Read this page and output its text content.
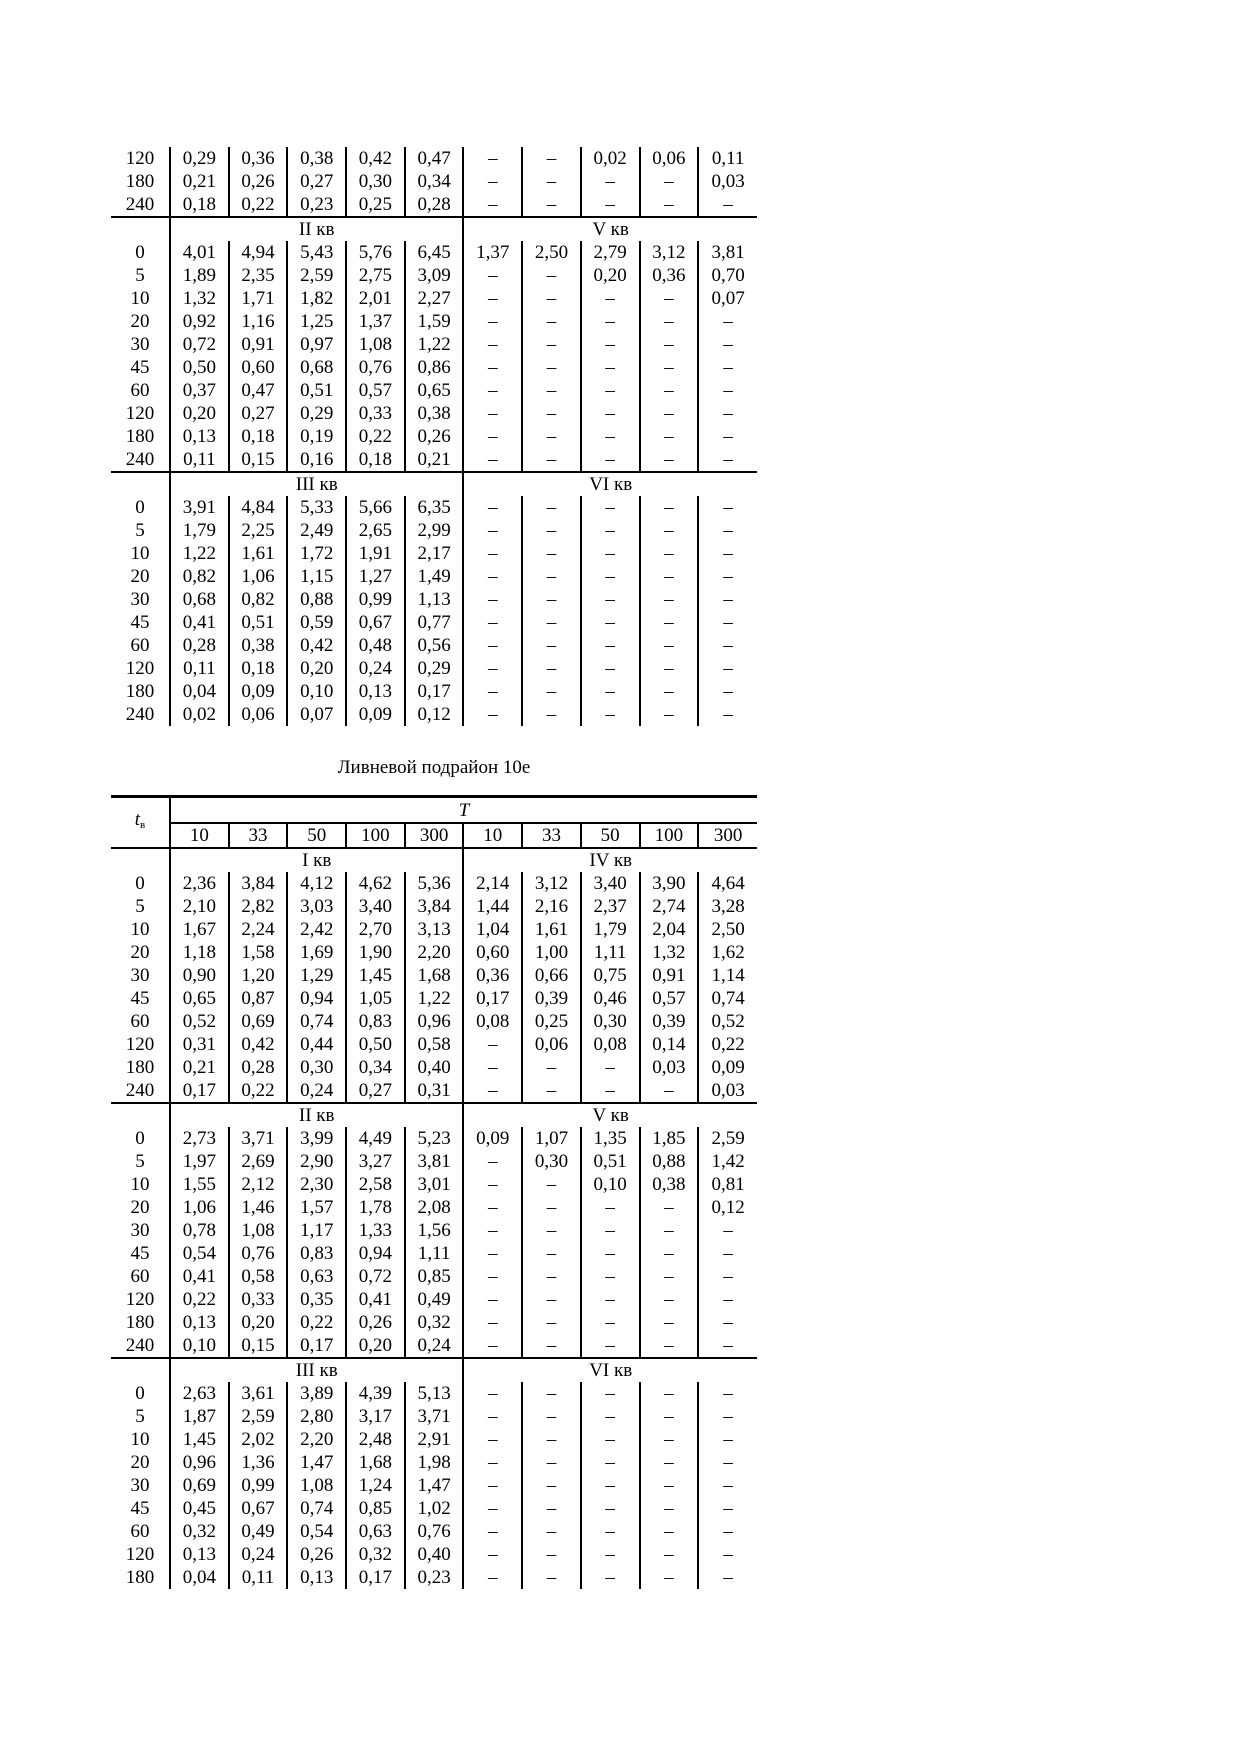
120	0,29	0,36	0,38	0,42	0,47	–	–	0,02	0,06	0,11
180	0,21	0,26	0,27	0,30	0,34	–	–	–	–	0,03
240	0,18	0,22	0,23	0,25	0,28	–	–	–	–	–
	II кв					V кв				
0	4,01	4,94	5,43	5,76	6,45	1,37	2,50	2,79	3,12	3,81
5	1,89	2,35	2,59	2,75	3,09	–	–	0,20	0,36	0,70
10	1,32	1,71	1,82	2,01	2,27	–	–	–	–	0,07
20	0,92	1,16	1,25	1,37	1,59	–	–	–	–	–
30	0,72	0,91	0,97	1,08	1,22	–	–	–	–	–
45	0,50	0,60	0,68	0,76	0,86	–	–	–	–	–
60	0,37	0,47	0,51	0,57	0,65	–	–	–	–	–
120	0,20	0,27	0,29	0,33	0,38	–	–	–	–	–
180	0,13	0,18	0,19	0,22	0,26	–	–	–	–	–
240	0,11	0,15	0,16	0,18	0,21	–	–	–	–	–
	III кв					VI кв				
0	3,91	4,84	5,33	5,66	6,35	–	–	–	–	–
5	1,79	2,25	2,49	2,65	2,99	–	–	–	–	–
10	1,22	1,61	1,72	1,91	2,17	–	–	–	–	–
20	0,82	1,06	1,15	1,27	1,49	–	–	–	–	–
30	0,68	0,82	0,88	0,99	1,13	–	–	–	–	–
45	0,41	0,51	0,59	0,67	0,77	–	–	–	–	–
60	0,28	0,38	0,42	0,48	0,56	–	–	–	–	–
120	0,11	0,18	0,20	0,24	0,29	–	–	–	–	–
180	0,04	0,09	0,10	0,13	0,17	–	–	–	–	–
240	0,02	0,06	0,07	0,09	0,12	–	–	–	–	–
Ливневой подрайон 10е
$t_в$	T									
	10	33	50	100	300	10	33	50	100	300
	I кв					IV кв				
0	2,36	3,84	4,12	4,62	5,36	2,14	3,12	3,40	3,90	4,64
5	2,10	2,82	3,03	3,40	3,84	1,44	2,16	2,37	2,74	3,28
10	1,67	2,24	2,42	2,70	3,13	1,04	1,61	1,79	2,04	2,50
20	1,18	1,58	1,69	1,90	2,20	0,60	1,00	1,11	1,32	1,62
30	0,90	1,20	1,29	1,45	1,68	0,36	0,66	0,75	0,91	1,14
45	0,65	0,87	0,94	1,05	1,22	0,17	0,39	0,46	0,57	0,74
60	0,52	0,69	0,74	0,83	0,96	0,08	0,25	0,30	0,39	0,52
120	0,31	0,42	0,44	0,50	0,58	–	0,06	0,08	0,14	0,22
180	0,21	0,28	0,30	0,34	0,40	–	–	–	0,03	0,09
240	0,17	0,22	0,24	0,27	0,31	–	–	–	–	0,03
	II кв					V кв				
0	2,73	3,71	3,99	4,49	5,23	0,09	1,07	1,35	1,85	2,59
5	1,97	2,69	2,90	3,27	3,81	–	0,30	0,51	0,88	1,42
10	1,55	2,12	2,30	2,58	3,01	–	–	0,10	0,38	0,81
20	1,06	1,46	1,57	1,78	2,08	–	–	–	–	0,12
30	0,78	1,08	1,17	1,33	1,56	–	–	–	–	–
45	0,54	0,76	0,83	0,94	1,11	–	–	–	–	–
60	0,41	0,58	0,63	0,72	0,85	–	–	–	–	–
120	0,22	0,33	0,35	0,41	0,49	–	–	–	–	–
180	0,13	0,20	0,22	0,26	0,32	–	–	–	–	–
240	0,10	0,15	0,17	0,20	0,24	–	–	–	–	–
	III кв					VI кв				
0	2,63	3,61	3,89	4,39	5,13	–	–	–	–	–
5	1,87	2,59	2,80	3,17	3,71	–	–	–	–	–
10	1,45	2,02	2,20	2,48	2,91	–	–	–	–	–
20	0,96	1,36	1,47	1,68	1,98	–	–	–	–	–
30	0,69	0,99	1,08	1,24	1,47	–	–	–	–	–
45	0,45	0,67	0,74	0,85	1,02	–	–	–	–	–
60	0,32	0,49	0,54	0,63	0,76	–	–	–	–	–
120	0,13	0,24	0,26	0,32	0,40	–	–	–	–	–
180	0,04	0,11	0,13	0,17	0,23	–	–	–	–	–
